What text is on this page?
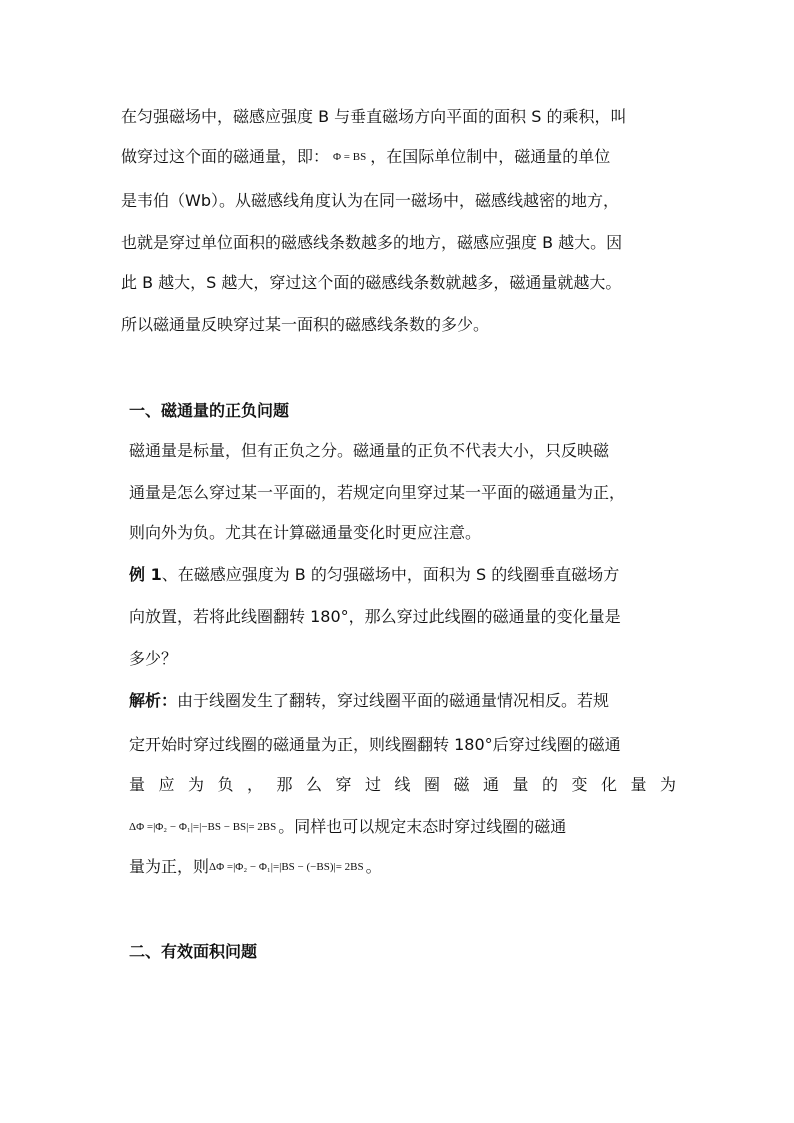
在匀强磁场中，磁感应强度 B 与垂直磁场方向平面的面积 S 的乘积，叫
做穿过这个面的磁通量，即： Φ = BS ，在国际单位制中，磁通量的单位
是韦伯（Wb）。从磁感线角度认为在同一磁场中，磁感线越密的地方，
也就是穿过单位面积的磁感线条数越多的地方，磁感应强度 B 越大。因
此 B 越大，S 越大，穿过这个面的磁感线条数就越多，磁通量就越大。
所以磁通量反映穿过某一面积的磁感线条数的多少。
一、磁通量的正负问题
磁通量是标量，但有正负之分。磁通量的正负不代表大小，只反映磁
通量是怎么穿过某一平面的，若规定向里穿过某一平面的磁通量为正，
则向外为负。尤其在计算磁通量变化时更应注意。
例 1、在磁感应强度为 B 的匀强磁场中，面积为 S 的线圈垂直磁场方
向放置，若将此线圈翻转 180°，那么穿过此线圈的磁通量的变化量是
多少？
解析：由于线圈发生了翻转，穿过线圈平面的磁通量情况相反。若规
定开始时穿过线圈的磁通量为正，则线圈翻转 180°后穿过线圈的磁通
量应为负，那么穿过线圈磁通量的变化量为
ΔΦ =|Φ₂ − Φ₁|=|−BS − BS|= 2BS 。同样也可以规定末态时穿过线圈的磁通
量为正，则ΔΦ =|Φ₂ − Φ₁|=|BS − (−BS)|= 2BS 。
二、有效面积问题
